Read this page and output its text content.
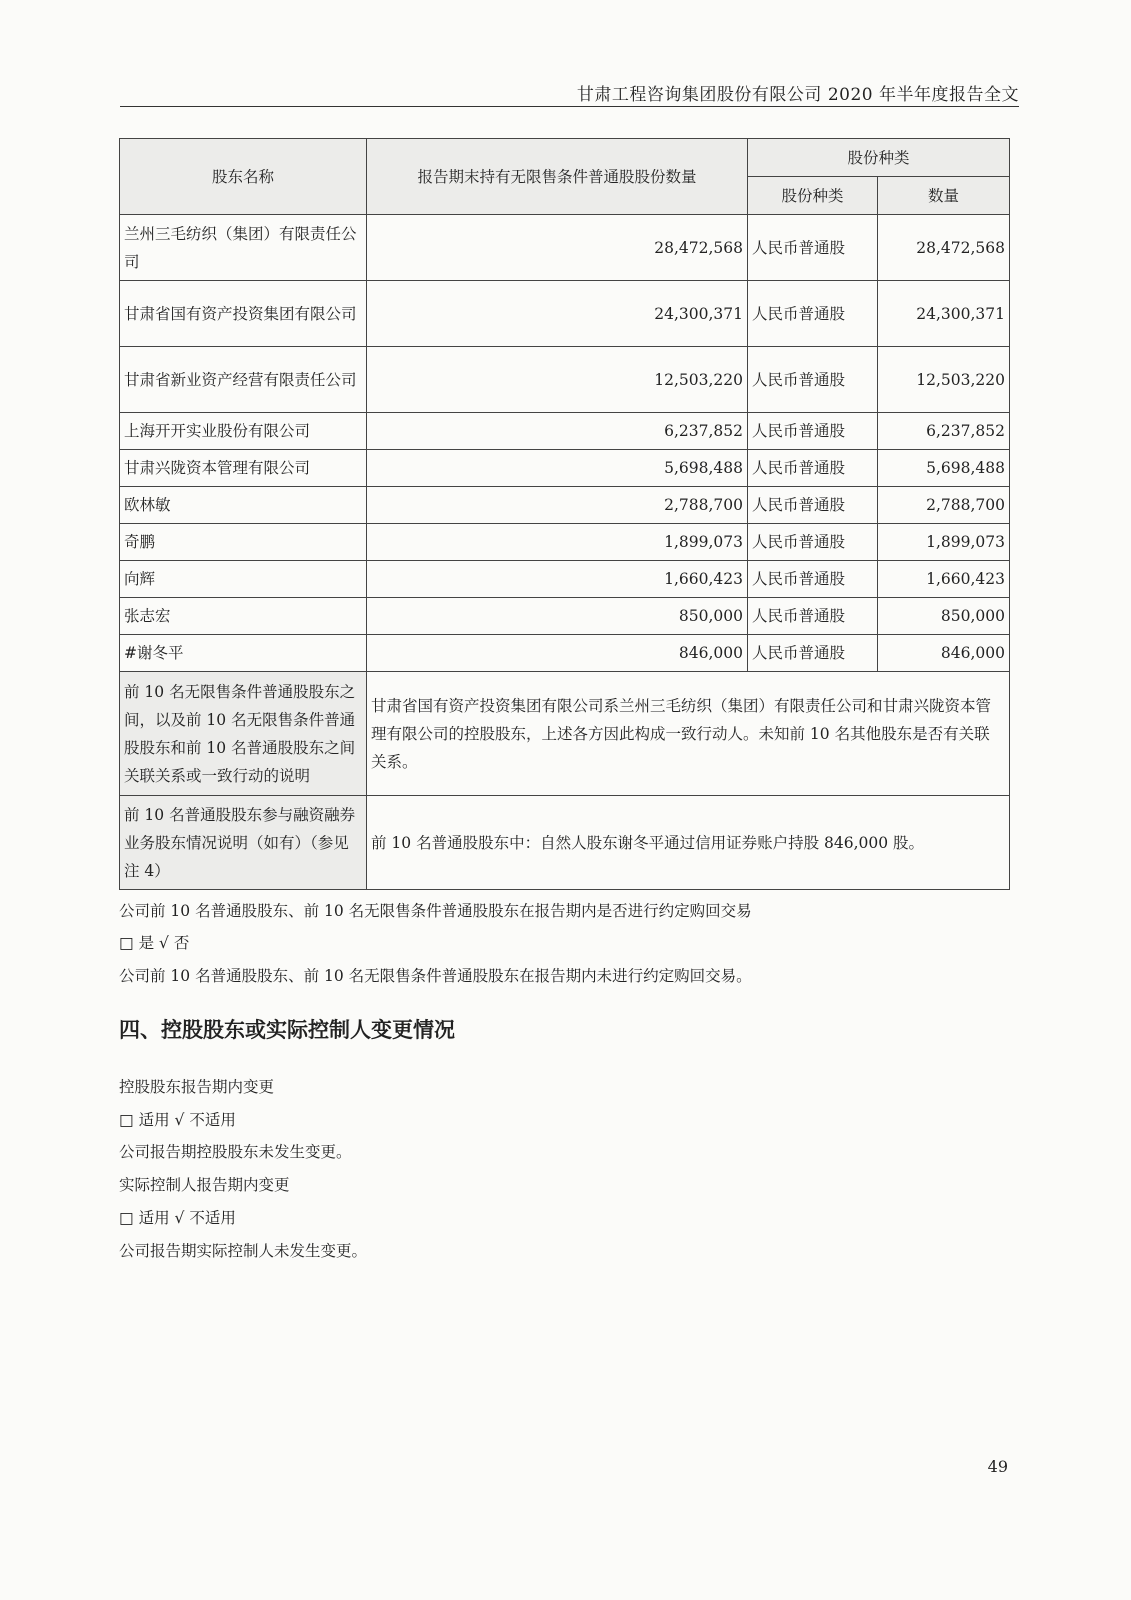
甘肃工程咨询集团股份有限公司 2020 年半年度报告全文
股东名称	报告期末持有无限售条件普通股股份数量	股份种类	
		股份种类	数量
兰州三毛纺织（集团）有限责任公司	28,472,568	人民币普通股	28,472,568
甘肃省国有资产投资集团有限公司	24,300,371	人民币普通股	24,300,371
甘肃省新业资产经营有限责任公司	12,503,220	人民币普通股	12,503,220
上海开开实业股份有限公司	6,237,852	人民币普通股	6,237,852
甘肃兴陇资本管理有限公司	5,698,488	人民币普通股	5,698,488
欧林敏	2,788,700	人民币普通股	2,788,700
奇鹏	1,899,073	人民币普通股	1,899,073
向辉	1,660,423	人民币普通股	1,660,423
张志宏	850,000	人民币普通股	850,000
#谢冬平	846,000	人民币普通股	846,000
前 10 名无限售条件普通股股东之间，以及前 10 名无限售条件普通股股东和前 10 名普通股股东之间关联关系或一致行动的说明	甘肃省国有资产投资集团有限公司系兰州三毛纺织（集团）有限责任公司和甘肃兴陇资本管理有限公司的控股股东，上述各方因此构成一致行动人。未知前 10 名其他股东是否有关联关系。		
前 10 名普通股股东参与融资融券业务股东情况说明（如有）（参见注 4）	前 10 名普通股股东中：自然人股东谢冬平通过信用证券账户持股 846,000 股。		
公司前 10 名普通股股东、前 10 名无限售条件普通股股东在报告期内是否进行约定购回交易
□ 是 √ 否
公司前 10 名普通股股东、前 10 名无限售条件普通股股东在报告期内未进行约定购回交易。
四、控股股东或实际控制人变更情况
控股股东报告期内变更
□ 适用 √ 不适用
公司报告期控股股东未发生变更。
实际控制人报告期内变更
□ 适用 √ 不适用
公司报告期实际控制人未发生变更。
49
